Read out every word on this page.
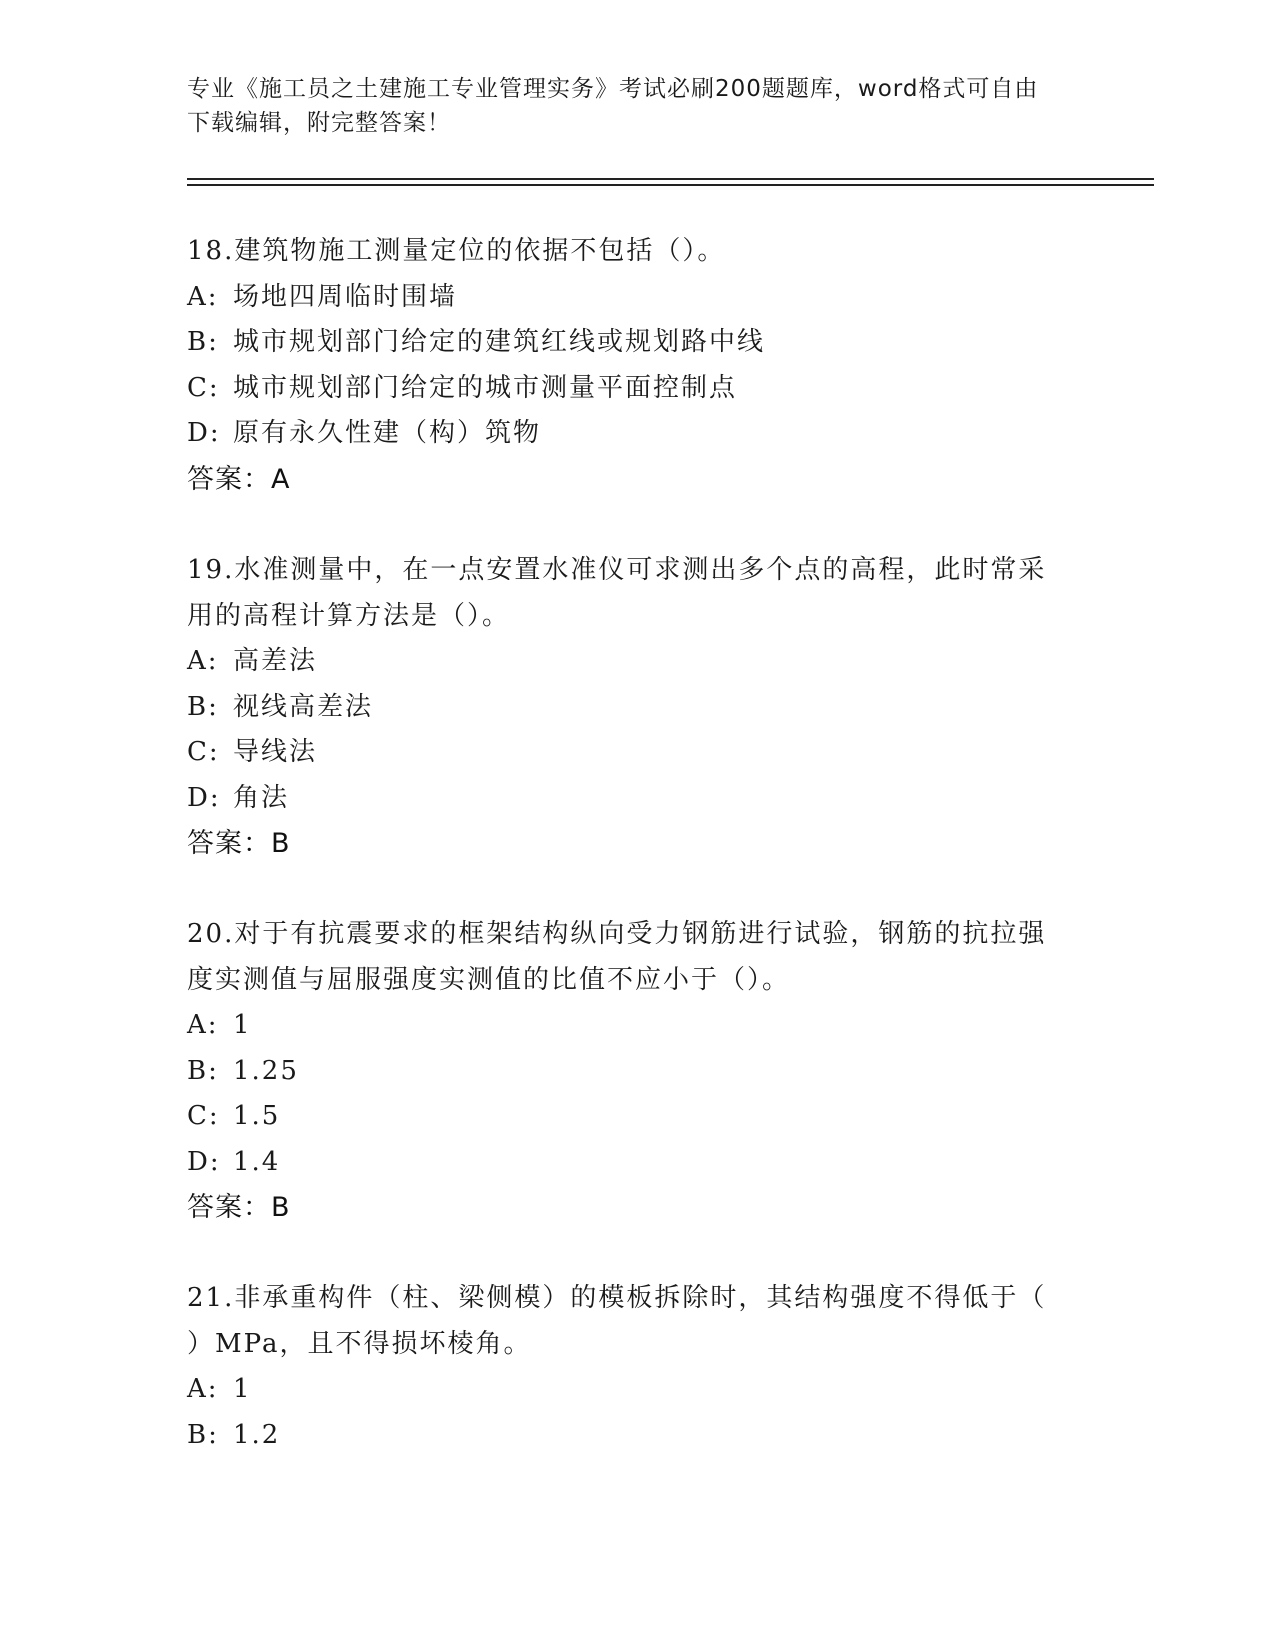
专业《施工员之土建施工专业管理实务》考试必刷200题题库，word格式可自由
下载编辑，附完整答案！
18.建筑物施工测量定位的依据不包括（）。
A: 场地四周临时围墙
B: 城市规划部门给定的建筑红线或规划路中线
C: 城市规划部门给定的城市测量平面控制点
D: 原有永久性建（构）筑物
答案：A
19.水准测量中，在一点安置水准仪可求测出多个点的高程，此时常采
用的高程计算方法是（）。
A: 高差法
B: 视线高差法
C: 导线法
D: 角法
答案：B
20.对于有抗震要求的框架结构纵向受力钢筋进行试验，钢筋的抗拉强
度实测值与屈服强度实测值的比值不应小于（）。
A: 1
B: 1.25
C: 1.5
D: 1.4
答案：B
21.非承重构件（柱、梁侧模）的模板拆除时，其结构强度不得低于（
）MPa，且不得损坏棱角。
A: 1
B: 1.2
